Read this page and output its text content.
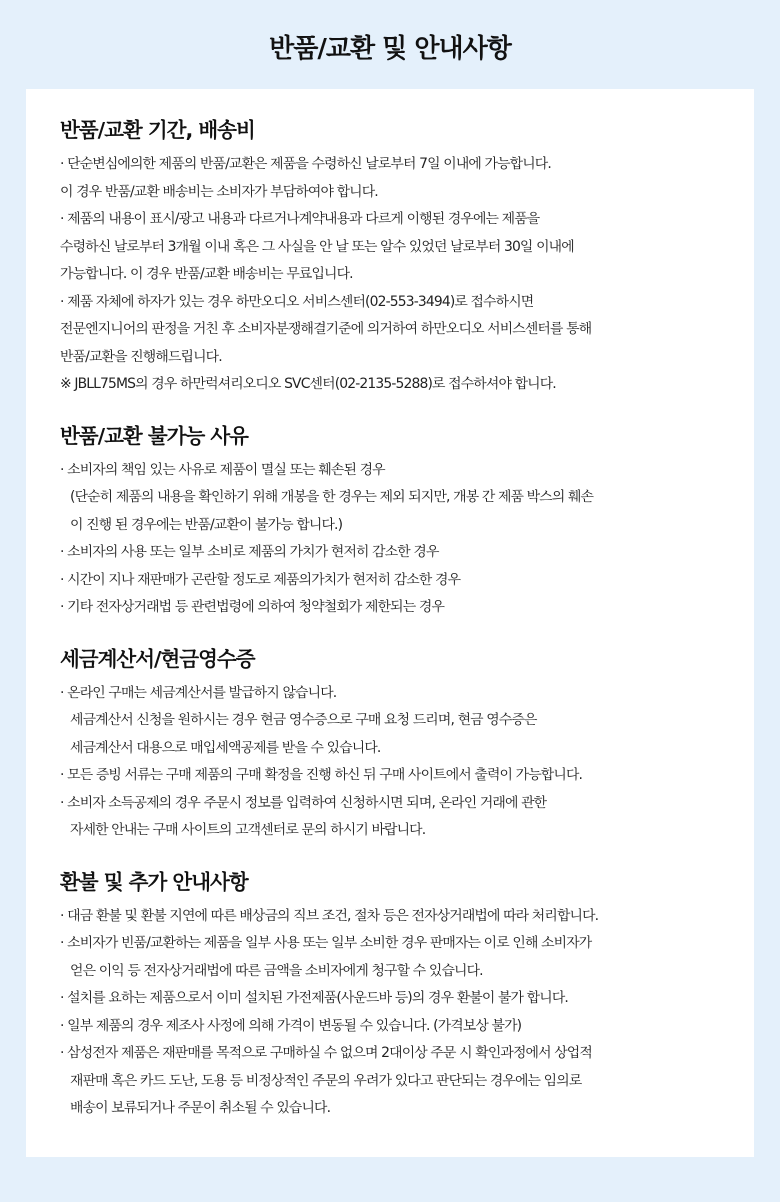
반품/교환 및 안내사항
반품/교환 기간, 배송비

· 단순변심에의한 제품의 반품/교환은 제품을 수령하신 날로부터 7일 이내에 가능합니다.

이 경우 반품/교환 배송비는 소비자가 부담하여야 합니다.

· 제품의 내용이 표시/광고 내용과 다르거나계약내용과 다르게 이행된 경우에는 제품을

수령하신 날로부터 3개월 이내 혹은 그 사실을 안 날 또는 알수 있었던 날로부터 30일 이내에

가능합니다. 이 경우 반품/교환 배송비는 무료입니다.

· 제품 자체에 하자가 있는 경우 하만오디오 서비스센터(02-553-3494)로 접수하시면

전문엔지니어의 판정을 거친 후 소비자분쟁해결기준에 의거하여 하만오디오 서비스센터를 통해

반품/교환을 진행해드립니다.

※ JBLL75MS의 경우 하만럭셔리오디오 SVC센터(02-2135-5288)로 접수하셔야 합니다.

반품/교환 불가능 사유

· 소비자의 책임 있는 사유로 제품이 멸실 또는 훼손된 경우

(단순히 제품의 내용을 확인하기 위해 개봉을 한 경우는 제외 되지만, 개봉 간 제품 박스의 훼손

이 진행 된 경우에는 반품/교환이 불가능 합니다.)

· 소비자의 사용 또는 일부 소비로 제품의 가치가 현저히 감소한 경우

· 시간이 지나 재판매가 곤란할 정도로 제품의가치가 현저히 감소한 경우

· 기타 전자상거래법 등 관련법령에 의하여 청약철회가 제한되는 경우

세금계산서/현금영수증

· 온라인 구매는 세금계산서를 발급하지 않습니다.

세금계산서 신청을 원하시는 경우 현금 영수증으로 구매 요청 드리며, 현금 영수증은

세금계산서 대용으로 매입세액공제를 받을 수 있습니다.

· 모든 증빙 서류는 구매 제품의 구매 확정을 진행 하신 뒤 구매 사이트에서 출력이 가능합니다.

· 소비자 소득공제의 경우 주문시 정보를 입력하여 신청하시면 되며, 온라인 거래에 관한

자세한 안내는 구매 사이트의 고객센터로 문의 하시기 바랍니다.

환불 및 추가 안내사항

· 대금 환불 및 환불 지연에 따른 배상금의 직브 조건, 절차 등은 전자상거래법에 따라 처리합니다.

· 소비자가 빈품/교환하는 제품을 일부 사용 또는 일부 소비한 경우 판매자는 이로 인해 소비자가

얻은 이익 등 전자상거래법에 따른 금액을 소비자에게 청구할 수 있습니다.

· 설치를 요하는 제품으로서 이미 설치된 가전제품(사운드바 등)의 경우 환불이 불가 합니다.

· 일부 제품의 경우 제조사 사정에 의해 가격이 변동될 수 있습니다. (가격보상 불가)

· 삼성전자 제품은 재판매를 목적으로 구매하실 수 없으며 2대이상 주문 시 확인과정에서 상업적

재판매 혹은 카드 도난, 도용 등 비정상적인 주문의 우려가 있다고 판단되는 경우에는 임의로

배송이 보류되거나 주문이 취소될 수 있습니다.
